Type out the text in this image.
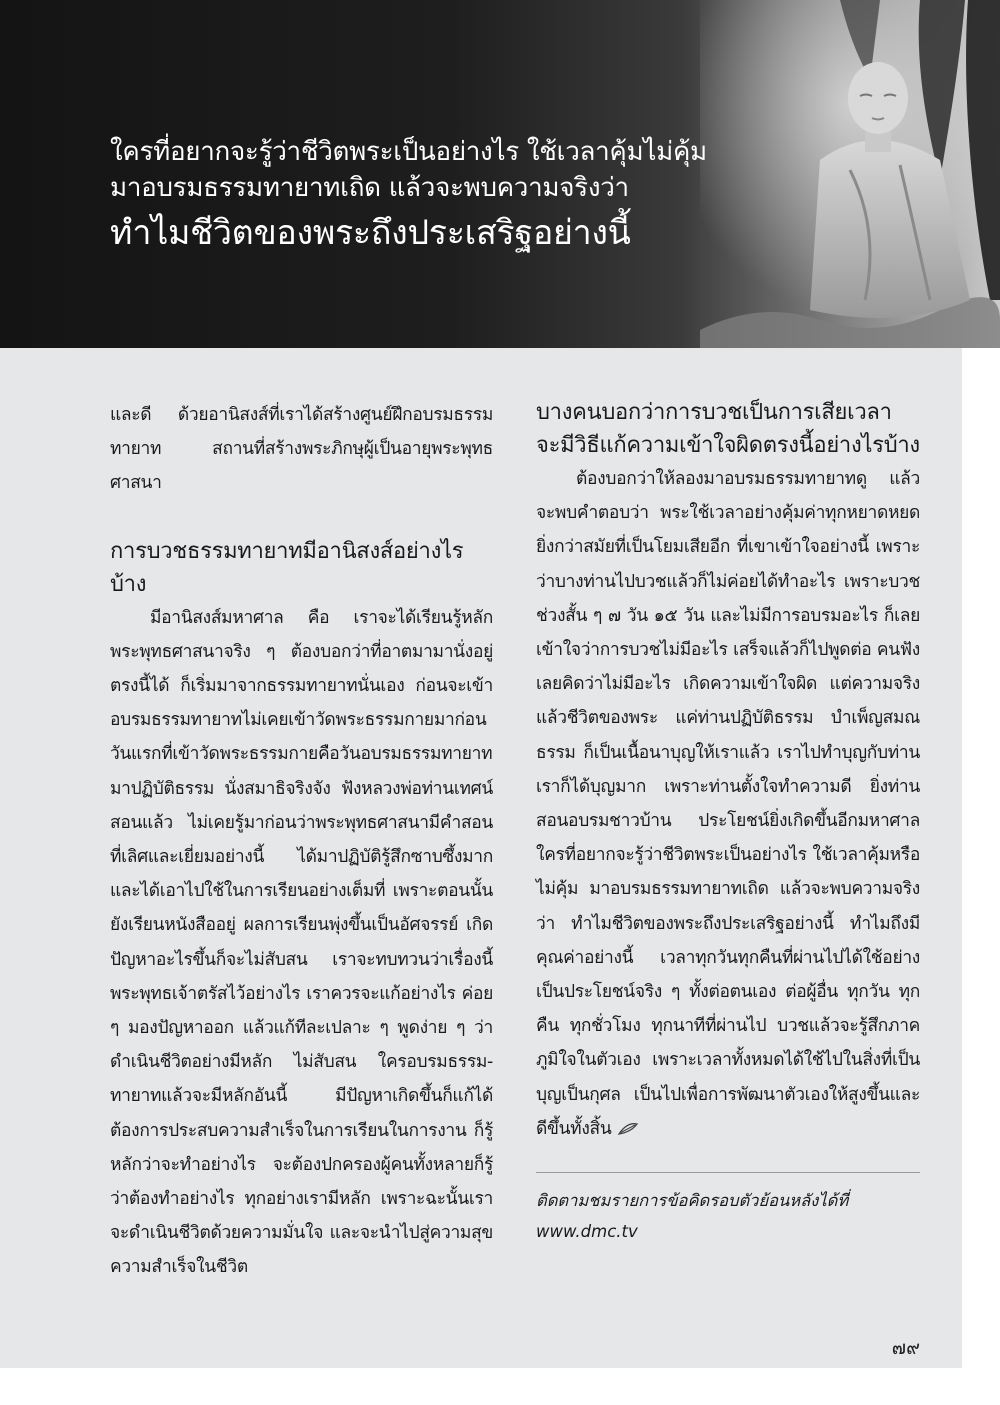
ใครที่อยากจะรู้ว่าชีวิตพระเป็นอย่างไร ใช้เวลาคุ้มไม่คุ้ม
มาอบรมธรรมทายาทเถิด แล้วจะพบความจริงว่า
ทำไมชีวิตของพระถึงประเสริฐอย่างนี้

และดี ด้วยอานิสงส์ที่เราได้สร้างศูนย์ฝึกอบรมธรรมทายาท สถานที่สร้างพระภิกษุผู้เป็นอายุพระพุทธศาสนา

การบวชธรรมทายาทมีอานิสงส์อย่างไรบ้าง

มีอานิสงส์มหาศาล คือ เราจะได้เรียนรู้หลักพระพุทธศาสนาจริง ๆ ต้องบอกว่าที่อาตมามานั่งอยู่ตรงนี้ได้ ก็เริ่มมาจากธรรมทายาทนั่นเอง ก่อนจะเข้าอบรมธรรมทายาทไม่เคยเข้าวัดพระธรรมกายมาก่อน วันแรกที่เข้าวัดพระธรรมกายคือวันอบรมธรรมทายาท มาปฏิบัติธรรม นั่งสมาธิจริงจัง ฟังหลวงพ่อท่านเทศน์สอนแล้ว ไม่เคยรู้มาก่อนว่าพระพุทธศาสนามีคำสอนที่เลิศและเยี่ยมอย่างนี้ ได้มาปฏิบัติรู้สึกซาบซึ้งมาก และได้เอาไปใช้ในการเรียนอย่างเต็มที่ เพราะตอนนั้นยังเรียนหนังสืออยู่ ผลการเรียนพุ่งขึ้นเป็นอัศจรรย์ เกิดปัญหาอะไรขึ้นก็จะไม่สับสน เราจะทบทวนว่าเรื่องนี้พระพุทธเจ้าตรัสไว้อย่างไร เราควรจะแก้อย่างไร ค่อย ๆ มองปัญหาออก แล้วแก้ทีละเปลาะ ๆ พูดง่าย ๆ ว่า ดำเนินชีวิตอย่างมีหลัก ไม่สับสน ใครอบรมธรรม-ทายาทแล้วจะมีหลักอันนี้ มีปัญหาเกิดขึ้นก็แก้ได้ ต้องการประสบความสำเร็จในการเรียนในการงาน ก็รู้หลักว่าจะทำอย่างไร จะต้องปกครองผู้คนทั้งหลายก็รู้ว่าต้องทำอย่างไร ทุกอย่างเรามีหลัก เพราะฉะนั้นเราจะดำเนินชีวิตด้วยความมั่นใจ และจะนำไปสู่ความสุขความสำเร็จในชีวิต

บางคนบอกว่าการบวชเป็นการเสียเวลา จะมีวิธีแก้ความเข้าใจผิดตรงนี้อย่างไรบ้าง

ต้องบอกว่าให้ลองมาอบรมธรรมทายาทดู แล้วจะพบคำตอบว่า พระใช้เวลาอย่างคุ้มค่าทุกหยาดหยด ยิ่งกว่าสมัยที่เป็นโยมเสียอีก ที่เขาเข้าใจอย่างนี้ เพราะว่าบางท่านไปบวชแล้วก็ไม่ค่อยได้ทำอะไร เพราะบวชช่วงสั้น ๆ ๗ วัน ๑๕ วัน และไม่มีการอบรมอะไร ก็เลยเข้าใจว่าการบวชไม่มีอะไร เสร็จแล้วก็ไปพูดต่อ คนฟังเลยคิดว่าไม่มีอะไร เกิดความเข้าใจผิด แต่ความจริงแล้วชีวิตของพระ แค่ท่านปฏิบัติธรรม บำเพ็ญสมณธรรม ก็เป็นเนื้อนาบุญให้เราแล้ว เราไปทำบุญกับท่าน เราก็ได้บุญมาก เพราะท่านตั้งใจทำความดี ยิ่งท่านสอนอบรมชาวบ้าน ประโยชน์ยิ่งเกิดขึ้นอีกมหาศาล ใครที่อยากจะรู้ว่าชีวิตพระเป็นอย่างไร ใช้เวลาคุ้มหรือไม่คุ้ม มาอบรมธรรมทายาทเถิด แล้วจะพบความจริงว่า ทำไมชีวิตของพระถึงประเสริฐอย่างนี้ ทำไมถึงมีคุณค่าอย่างนี้ เวลาทุกวันทุกคืนที่ผ่านไปได้ใช้อย่างเป็นประโยชน์จริง ๆ ทั้งต่อตนเอง ต่อผู้อื่น ทุกวัน ทุกคืน ทุกชั่วโมง ทุกนาทีที่ผ่านไป บวชแล้วจะรู้สึกภาคภูมิใจในตัวเอง เพราะเวลาทั้งหมดได้ใช้ไปในสิ่งที่เป็นบุญเป็นกุศล เป็นไปเพื่อการพัฒนาตัวเองให้สูงขึ้นและดีขึ้นทั้งสิ้น

ติดตามชมรายการข้อคิดรอบตัวย้อนหลังได้ที่

www.dmc.tv

๗๙
